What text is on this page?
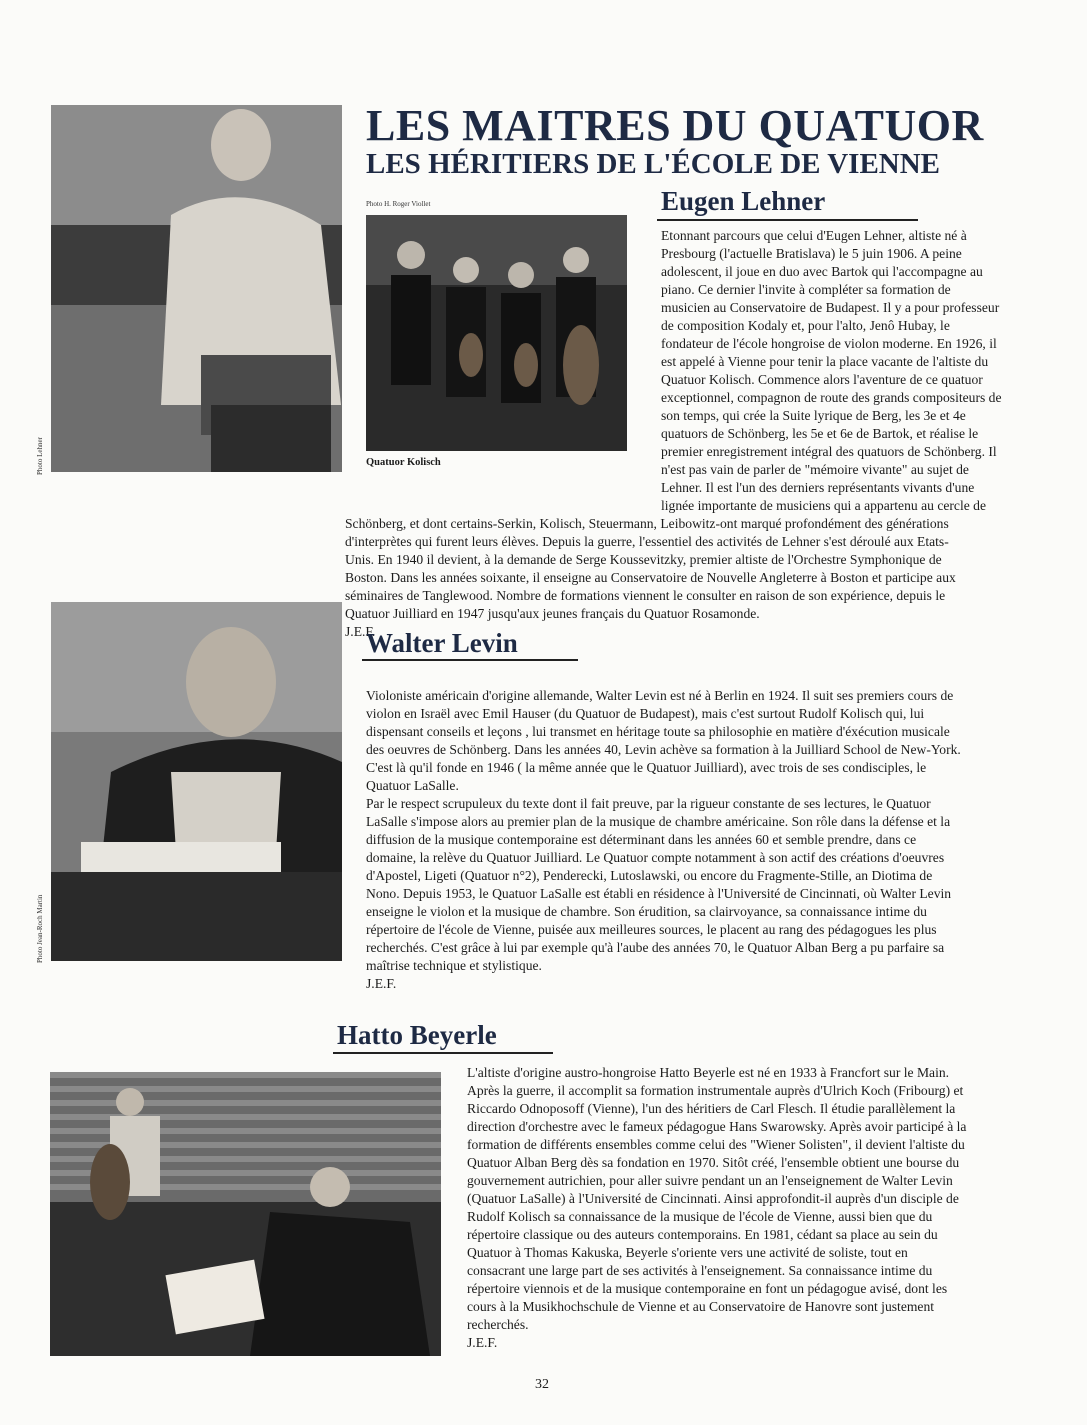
LES MAITRES DU QUATUOR
LES HÉRITIERS DE L'ÉCOLE DE VIENNE
Photo Lehner
Photo H. Roger Viollet
Quatuor Kolisch
Eugen Lehner

Etonnant parcours que celui d'Eugen Lehner, altiste né à

Presbourg (l'actuelle Bratislava) le 5 juin 1906. A peine

adolescent, il joue en duo avec Bartok qui l'accompagne au

piano. Ce dernier l'invite à compléter sa formation de

musicien au Conservatoire de Budapest. Il y a pour professeur

de composition Kodaly et, pour l'alto, Jenô Hubay, le

fondateur de l'école hongroise de violon moderne. En 1926, il

est appelé à Vienne pour tenir la place vacante de l'altiste du

Quatuor Kolisch. Commence alors l'aventure de ce quatuor

exceptionnel, compagnon de route des grands compositeurs de

son temps, qui crée la Suite lyrique de Berg, les 3e et 4e

quatuors de Schönberg, les 5e et 6e de Bartok, et réalise le

premier enregistrement intégral des quatuors de Schönberg. Il

n'est pas vain de parler de "mémoire vivante" au sujet de

Lehner. Il est l'un des derniers représentants vivants d'une

lignée importante de musiciens qui a appartenu au cercle de

Schönberg, et dont certains-Serkin, Kolisch, Steuermann, Leibowitz-ont marqué profondément des générations

d'interprètes qui furent leurs élèves. Depuis la guerre, l'essentiel des activités de Lehner s'est déroulé aux Etats-

Unis. En 1940 il devient, à la demande de Serge Koussevitzky, premier altiste de l'Orchestre Symphonique de

Boston. Dans les années soixante, il enseigne au Conservatoire de Nouvelle Angleterre à Boston et participe aux

séminaires de Tanglewood. Nombre de formations viennent le consulter en raison de son expérience, depuis le

Quatuor Juilliard en 1947 jusqu'aux jeunes français du Quatuor Rosamonde.

J.E.F.

Photo Jean-Roch Martin
Walter Levin

Violoniste américain d'origine allemande, Walter Levin est né à Berlin en 1924. Il suit ses premiers cours de

violon en Israël avec Emil Hauser (du Quatuor de Budapest), mais c'est surtout Rudolf Kolisch qui, lui

dispensant conseils et leçons , lui transmet en héritage toute sa philosophie en matière d'éxécution musicale

des oeuvres de Schönberg. Dans les années 40, Levin achève sa formation à la Juilliard School de New-York.

C'est là qu'il fonde en 1946 ( la même année que le Quatuor Juilliard), avec trois de ses condisciples, le

Quatuor LaSalle.

Par le respect scrupuleux du texte dont il fait preuve, par la rigueur constante de ses lectures, le Quatuor

LaSalle s'impose alors au premier plan de la musique de chambre américaine. Son rôle dans la défense et la

diffusion de la musique contemporaine est déterminant dans les années 60 et semble prendre, dans ce

domaine, la relève du Quatuor Juilliard. Le Quatuor compte notamment à son actif des créations d'oeuvres

d'Apostel, Ligeti (Quatuor n°2), Penderecki, Lutoslawski, ou encore du Fragmente-Stille, an Diotima de

Nono. Depuis 1953, le Quatuor LaSalle est établi en résidence à l'Université de Cincinnati, où Walter Levin

enseigne le violon et la musique de chambre. Son érudition, sa clairvoyance, sa connaissance intime du

répertoire de l'école de Vienne, puisée aux meilleures sources, le placent au rang des pédagogues les plus

recherchés. C'est grâce à lui par exemple qu'à l'aube des années 70, le Quatuor Alban Berg a pu parfaire sa

maîtrise technique et stylistique.

J.E.F.

Hatto Beyerle

L'altiste d'origine austro-hongroise Hatto Beyerle est né en 1933 à Francfort sur le Main.

Après la guerre, il accomplit sa formation instrumentale auprès d'Ulrich Koch (Fribourg) et

Riccardo Odnoposoff (Vienne), l'un des héritiers de Carl Flesch. Il étudie parallèlement la

direction d'orchestre avec le fameux pédagogue Hans Swarowsky. Après avoir participé à la

formation de différents ensembles comme celui des "Wiener Solisten", il devient l'altiste du

Quatuor Alban Berg dès sa fondation en 1970. Sitôt créé, l'ensemble obtient une bourse du

gouvernement autrichien, pour aller suivre pendant un an l'enseignement de Walter Levin

(Quatuor LaSalle) à l'Université de Cincinnati. Ainsi approfondit-il auprès d'un disciple de

Rudolf Kolisch sa connaissance de la musique de l'école de Vienne, aussi bien que du

répertoire classique ou des auteurs contemporains. En 1981, cédant sa place au sein du

Quatuor à Thomas Kakuska, Beyerle s'oriente vers une activité de soliste, tout en

consacrant une large part de ses activités à l'enseignement. Sa connaissance intime du

répertoire viennois et de la musique contemporaine en font un pédagogue avisé, dont les

cours à la Musikhochschule de Vienne et au Conservatoire de Hanovre sont justement

recherchés.

J.E.F.

32
